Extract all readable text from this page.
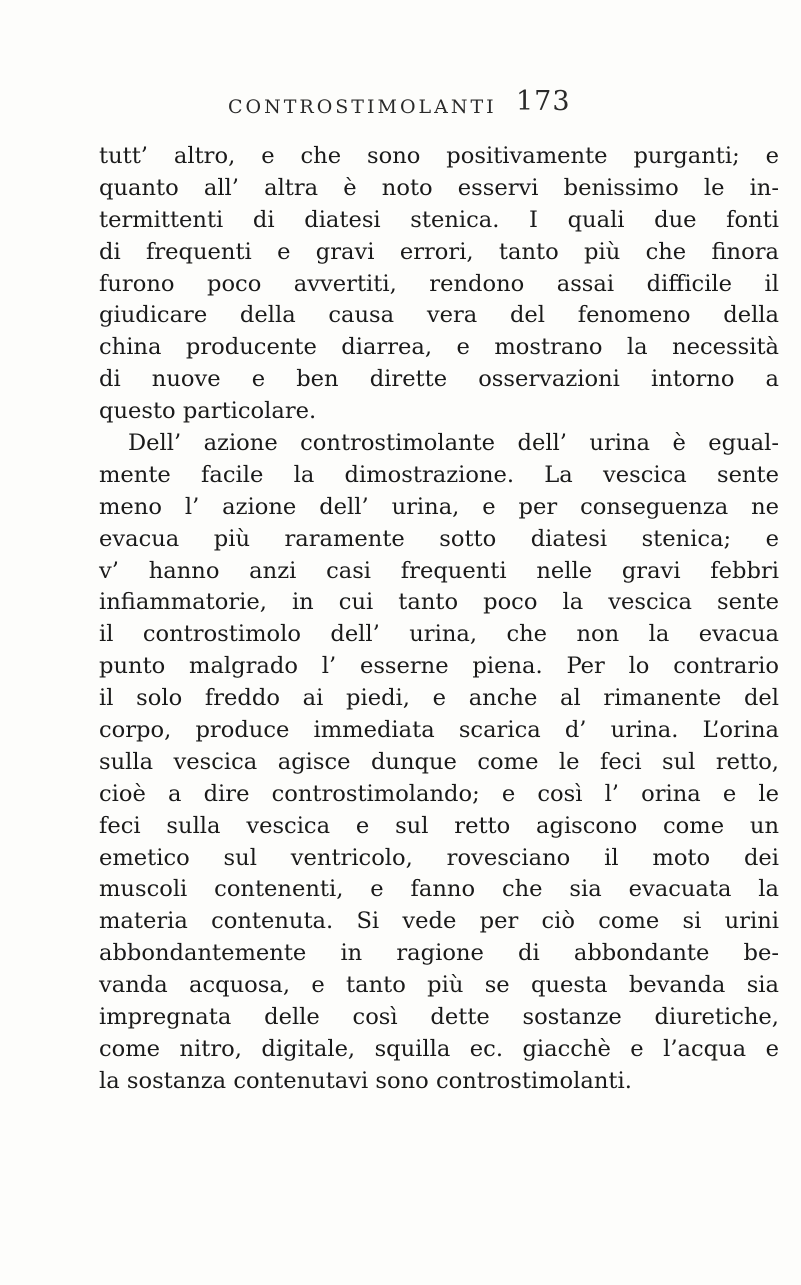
CONTROSTIMOLANTI 173
tutt’ altro, e che sono positivamente purganti; e
quanto all’ altra è noto esservi benissimo le in-
termittenti di diatesi stenica. I quali due fonti
di frequenti e gravi errori, tanto più che finora
furono poco avvertiti, rendono assai difficile il
giudicare della causa vera del fenomeno della
china producente diarrea, e mostrano la necessità
di nuove e ben dirette osservazioni intorno a
questo particolare.
Dell’ azione controstimolante dell’ urina è egual-
mente facile la dimostrazione. La vescica sente
meno l’ azione dell’ urina, e per conseguenza ne
evacua più raramente sotto diatesi stenica; e
v’ hanno anzi casi frequenti nelle gravi febbri
infiammatorie, in cui tanto poco la vescica sente
il controstimolo dell’ urina, che non la evacua
punto malgrado l’ esserne piena. Per lo contrario
il solo freddo ai piedi, e anche al rimanente del
corpo, produce immediata scarica d’ urina. L’orina
sulla vescica agisce dunque come le feci sul retto,
cioè a dire controstimolando; e così l’ orina e le
feci sulla vescica e sul retto agiscono come un
emetico sul ventricolo, rovesciano il moto dei
muscoli contenenti, e fanno che sia evacuata la
materia contenuta. Si vede per ciò come si urini
abbondantemente in ragione di abbondante be-
vanda acquosa, e tanto più se questa bevanda sia
impregnata delle così dette sostanze diuretiche,
come nitro, digitale, squilla ec. giacchè e l’acqua e
la sostanza contenutavi sono controstimolanti.
